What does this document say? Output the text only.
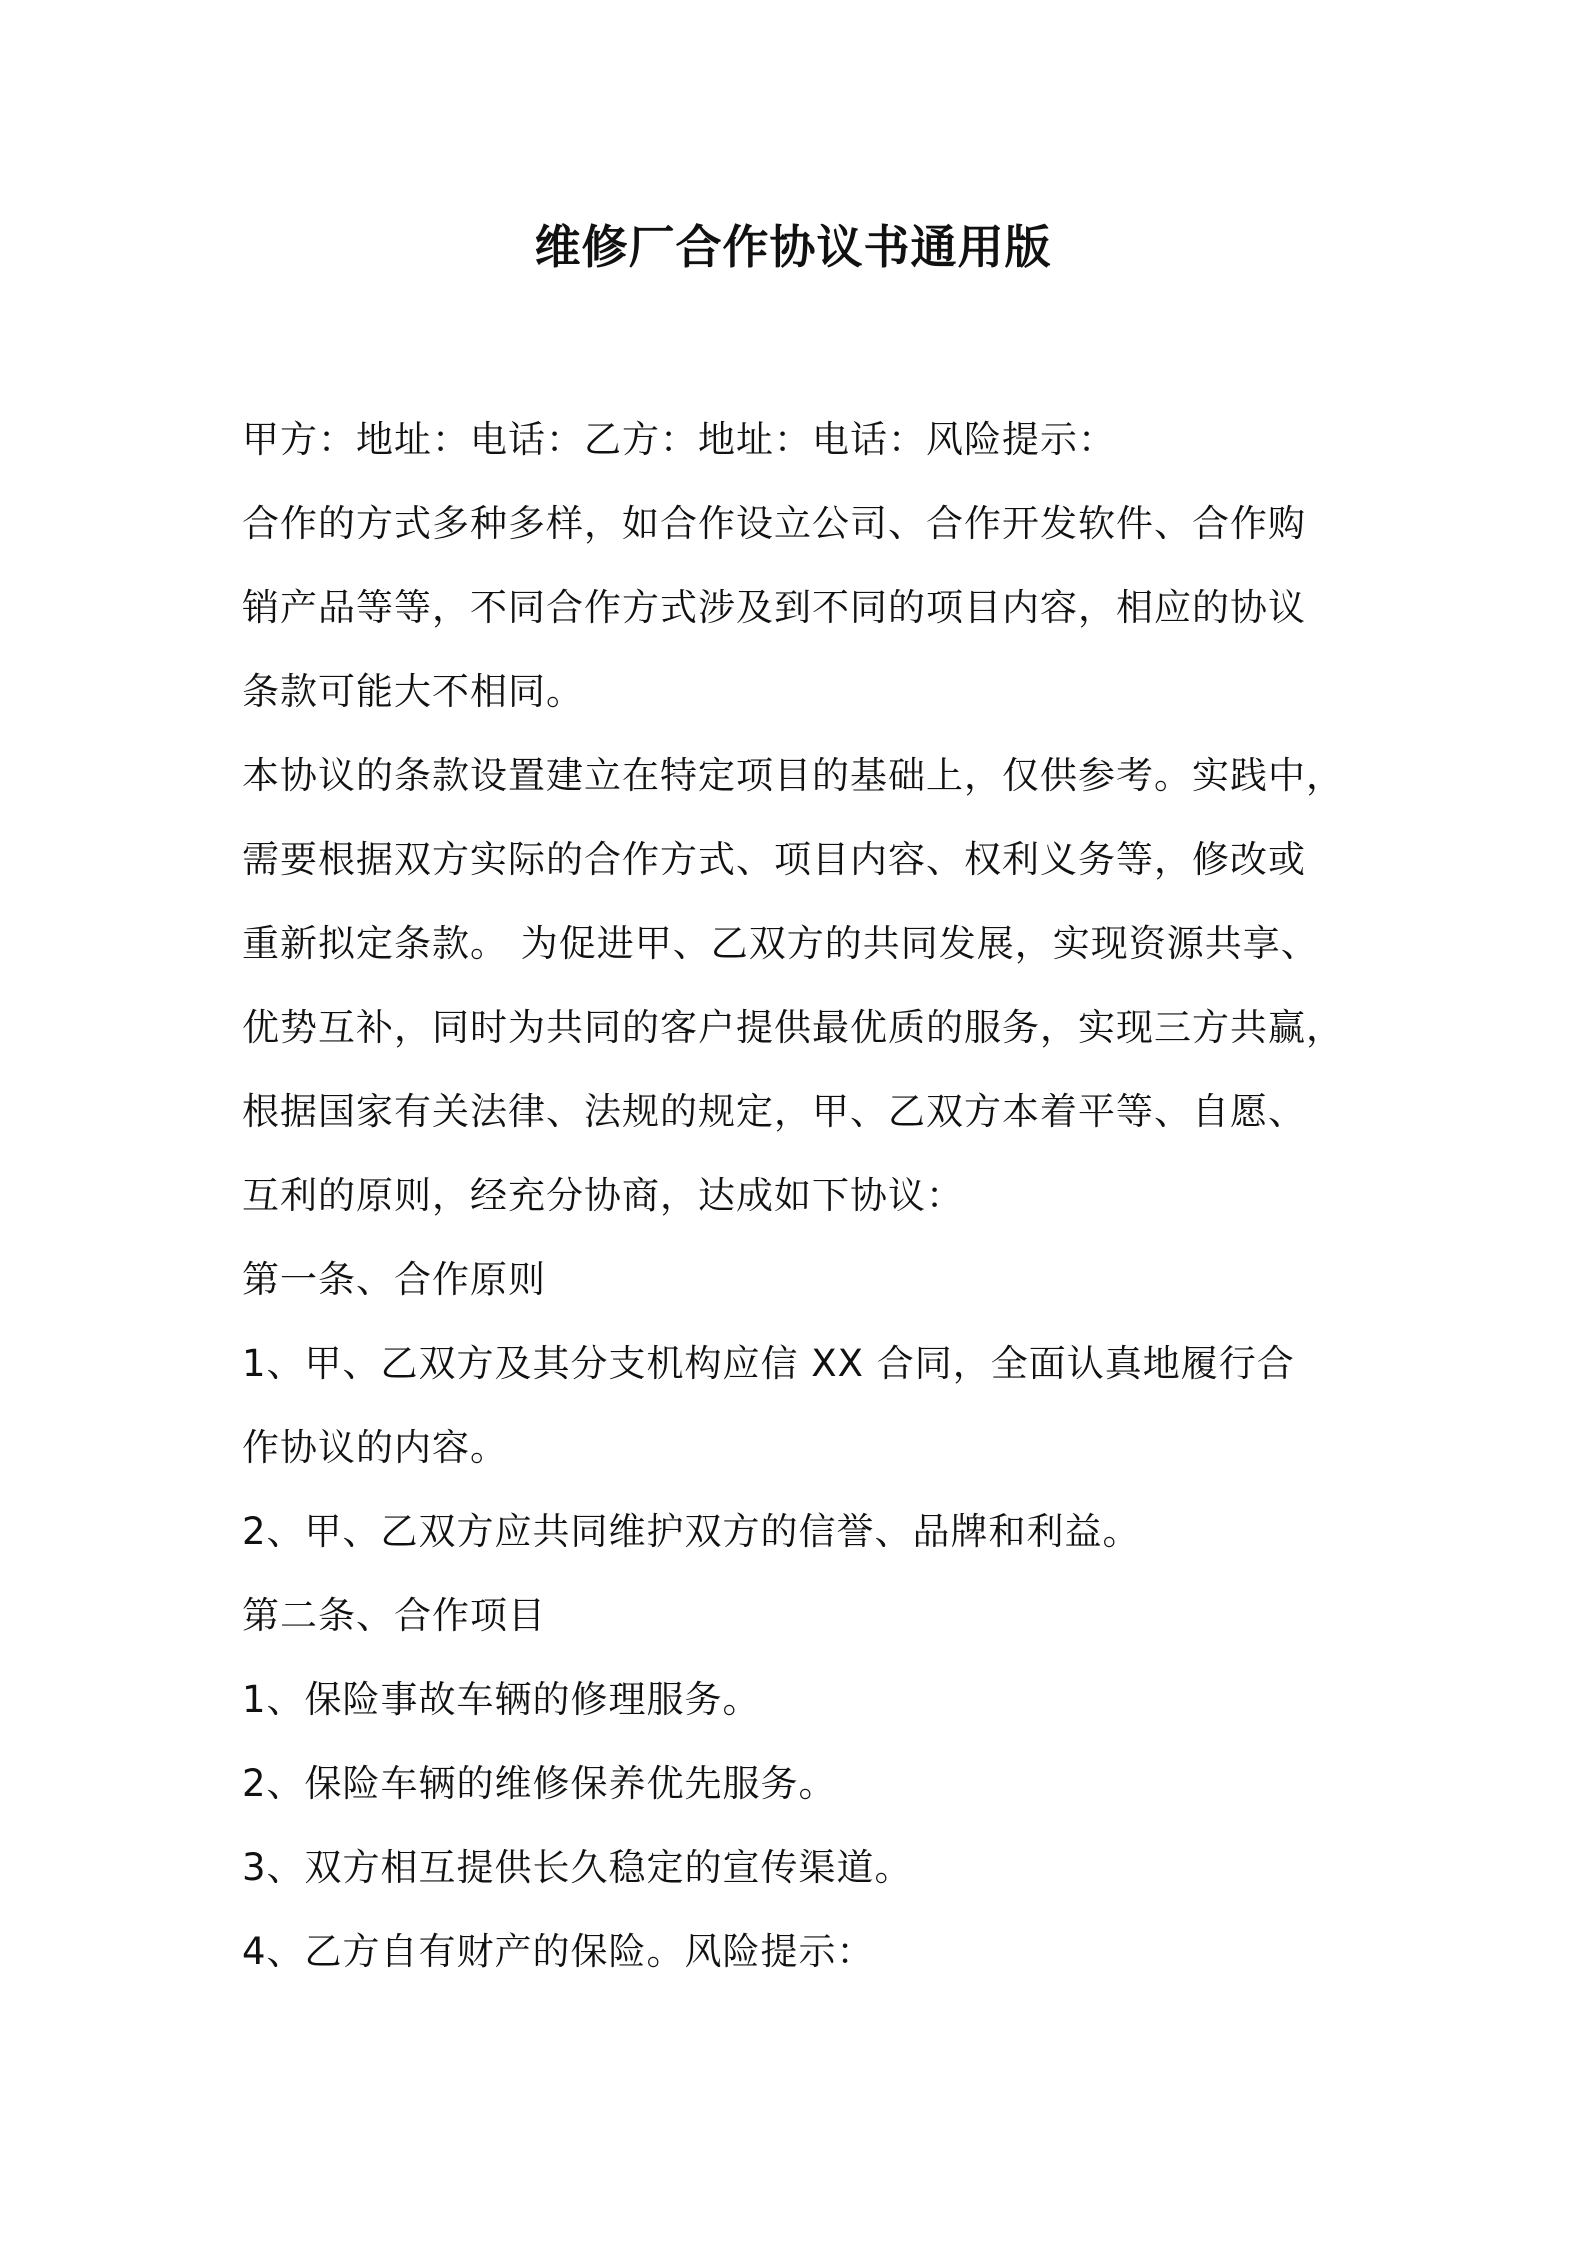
维修厂合作协议书通用版
甲方：地址：电话：乙方：地址：电话：风险提示：
合作的方式多种多样，如合作设立公司、合作开发软件、合作购
销产品等等，不同合作方式涉及到不同的项目内容，相应的协议
条款可能大不相同。
本协议的条款设置建立在特定项目的基础上，仅供参考。实践中，
需要根据双方实际的合作方式、项目内容、权利义务等，修改或
重新拟定条款。 为促进甲、乙双方的共同发展，实现资源共享、
优势互补，同时为共同的客户提供最优质的服务，实现三方共赢，
根据国家有关法律、法规的规定，甲、乙双方本着平等、自愿、
互利的原则，经充分协商，达成如下协议：
第一条、合作原则
1、甲、乙双方及其分支机构应信 XX 合同，全面认真地履行合
作协议的内容。
2、甲、乙双方应共同维护双方的信誉、品牌和利益。
第二条、合作项目
1、保险事故车辆的修理服务。
2、保险车辆的维修保养优先服务。
3、双方相互提供长久稳定的宣传渠道。
4、乙方自有财产的保险。风险提示：
